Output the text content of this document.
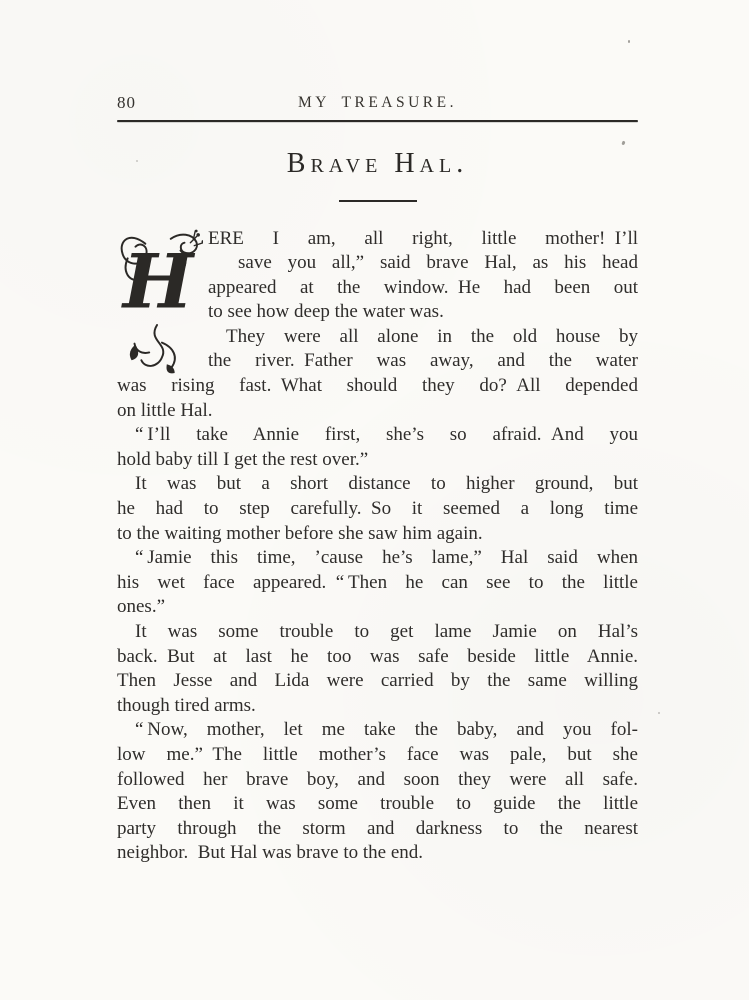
80	MY TREASURE.
Brave Hal.
H ERE I am, all right, little mother! I’ll
save you all,” said brave Hal, as his head
appeared at the window. He had been out
to see how deep the water was.
They were all alone in the old house by
the river. Father was away, and the water
was rising fast. What should they do? All depended
on little Hal.
“ I’ll take Annie first, she’s so afraid. And you
hold baby till I get the rest over.”
It was but a short distance to higher ground, but
he had to step carefully. So it seemed a long time
to the waiting mother before she saw him again.
“ Jamie this time, ’cause he’s lame,” Hal said when
his wet face appeared. “ Then he can see to the little
ones.”
It was some trouble to get lame Jamie on Hal’s
back. But at last he too was safe beside little Annie.
Then Jesse and Lida were carried by the same willing
though tired arms.
“ Now, mother, let me take the baby, and you fol-
low me.” The little mother’s face was pale, but she
followed her brave boy, and soon they were all safe.
Even then it was some trouble to guide the little
party through the storm and darkness to the nearest
neighbor. But Hal was brave to the end.
